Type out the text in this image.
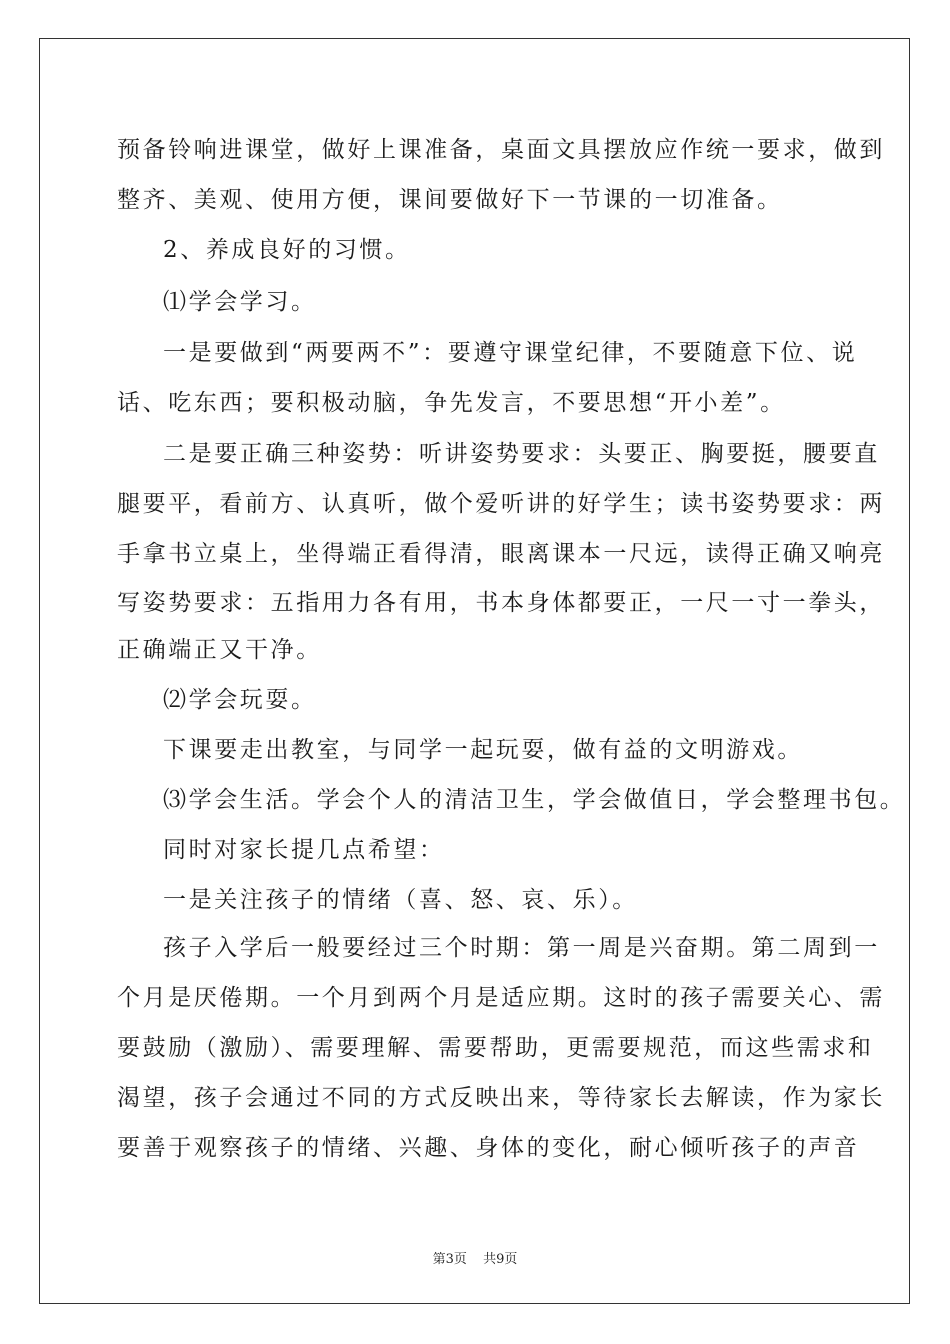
预备铃响进课堂，做好上课准备，桌面文具摆放应作统一要求，做到
整齐、美观、使用方便，课间要做好下一节课的一切准备。
2、养成良好的习惯。
⑴学会学习。
一是要做到“两要两不”：要遵守课堂纪律，不要随意下位、说
话、吃东西；要积极动脑，争先发言，不要思想“开小差”。
二是要正确三种姿势：听讲姿势要求：头要正、胸要挺，腰要直
腿要平，看前方、认真听，做个爱听讲的好学生；读书姿势要求：两
手拿书立桌上，坐得端正看得清，眼离课本一尺远，读得正确又响亮
写姿势要求：五指用力各有用，书本身体都要正，一尺一寸一拳头，
正确端正又干净。
⑵学会玩耍。
下课要走出教室，与同学一起玩耍，做有益的文明游戏。
⑶学会生活。学会个人的清洁卫生，学会做值日，学会整理书包。
同时对家长提几点希望：
一是关注孩子的情绪（喜、怒、哀、乐）。
孩子入学后一般要经过三个时期：第一周是兴奋期。第二周到一
个月是厌倦期。一个月到两个月是适应期。这时的孩子需要关心、需
要鼓励（激励）、需要理解、需要帮助，更需要规范，而这些需求和
渴望，孩子会通过不同的方式反映出来，等待家长去解读，作为家长
要善于观察孩子的情绪、兴趣、身体的变化，耐心倾听孩子的声音
第3页 共9页
